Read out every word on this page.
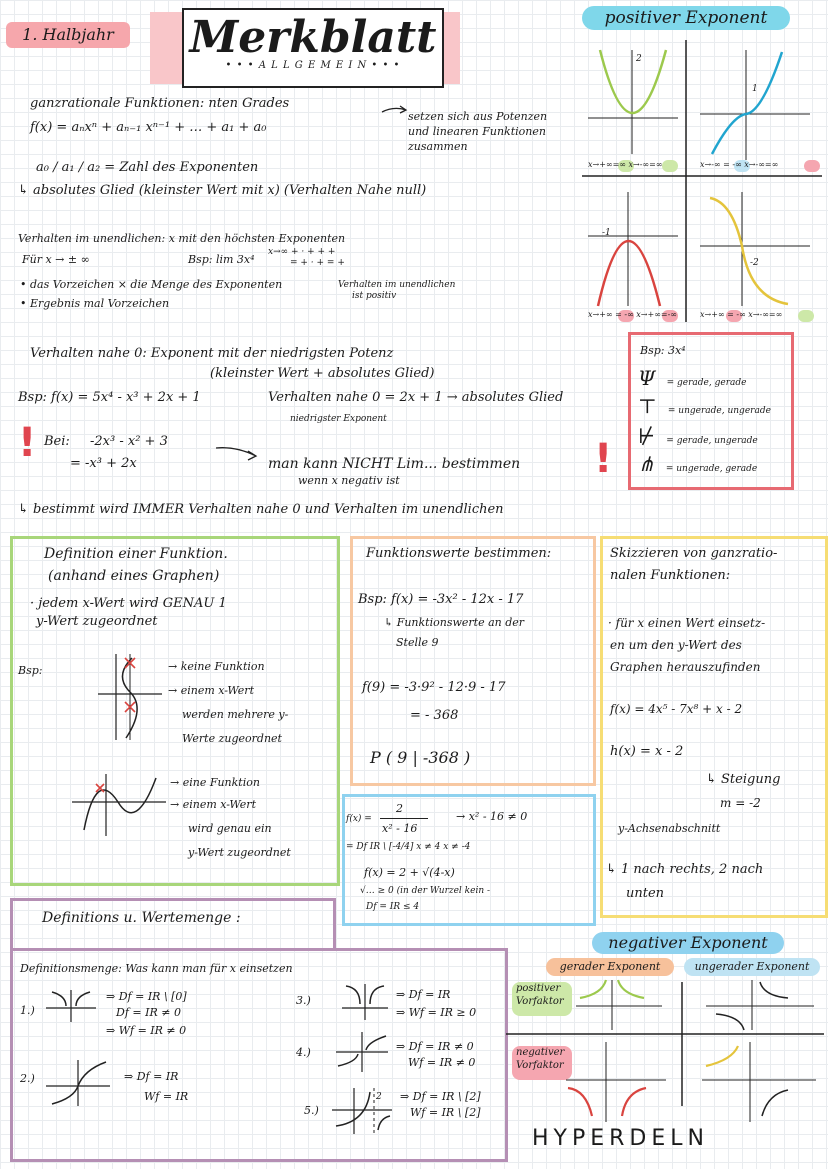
1. Halbjahr	Merkblatt
• • • A L L G E M E I N • • •
positiver Exponent
ganzrationale Funktionen: nten Grades
f(x) = aₙxⁿ + aₙ₋₁ xⁿ⁻¹ + … + a₁ + a₀
setzen sich aus Potenzen
und linearen Funktionen
zusammen
a₀ / a₁ / a₂ = Zahl des Exponenten
↳ absolutes Glied (kleinster Wert mit x) (Verhalten Nahe null)
Verhalten im unendlichen: x mit den höchsten Exponenten
Für x → ± ∞	Bsp: lim 3x⁴
x→∞ + · + + +
= + · + = +
• das Vorzeichen × die Menge des Exponenten
• Ergebnis mal Vorzeichen
Verhalten im unendlichen
ist positiv
x→+∞=∞ x→-∞=∞	x→-∞ = -∞ x→-∞=∞
x→+∞ = -∞ x→+∞=-∞	x→+∞ = -∞ x→-∞=∞
2
1
-1
-2
Verhalten nahe 0: Exponent mit der niedrigsten Potenz
(kleinster Wert + absolutes Glied)
Bsp: f(x) = 5x⁴ - x³ + 2x + 1	Verhalten nahe 0 = 2x + 1 → absolutes Glied
niedrigster Exponent
! Bei: -2x³ - x² + 3
= -x³ + 2x	man kann NICHT Lim... bestimmen
wenn x negativ ist	!
↳ bestimmt wird IMMER Verhalten nahe 0 und Verhalten im unendlichen
Bsp: 3x⁴
Ψ = gerade, gerade
⊤ = ungerade, ungerade
⊬ = gerade, ungerade
⋔ = ungerade, gerade
Definition einer Funktion.
(anhand eines Graphen)
· jedem x-Wert wird GENAU 1
y-Wert zugeordnet
Bsp:	→ keine Funktion
→ einem x-Wert
werden mehrere y-
Werte zugeordnet
→ eine Funktion
→ einem x-Wert
wird genau ein
y-Wert zugeordnet
Funktionswerte bestimmen:
Bsp: f(x) = -3x² - 12x - 17
↳ Funktionswerte an der
Stelle 9
f(9) = -3·9² - 12·9 - 17
= - 368
P ( 9 | -368 )
f(x) =
2
x² - 16
→ x² - 16 ≠ 0
= Df IR \ [-4/4] x ≠ 4 x ≠ -4
f(x) = 2 + √(4-x)
√… ≥ 0 (in der Wurzel kein -
Df = IR ≤ 4
Skizzieren von ganzratio-
nalen Funktionen:
· für x einen Wert einsetz-
en um den y-Wert des
Graphen herauszufinden
f(x) = 4x⁵ - 7x⁸ + x - 2
h(x) = x - 2
↳ Steigung
m = -2
y-Achsenabschnitt
↳ 1 nach rechts, 2 nach
unten
Definitions u. Wertemenge :
Definitionsmenge: Was kann man für x einsetzen
1.)
⇒ Df = IR \ [0]
Df = IR ≠ 0
⇒ Wf = IR ≠ 0
2.)	⇒ Df = IR
Wf = IR
3.)	⇒ Df = IR
⇒ Wf = IR ≥ 0
4.)	⇒ Df = IR ≠ 0
Wf = IR ≠ 0
5.)
2 ⇒ Df = IR \ [2]
Wf = IR \ [2]
negativer Exponent
gerader Exponent	ungerader Exponent
positiver Vorfaktor
negativer Vorfaktor
HYPERDELN
